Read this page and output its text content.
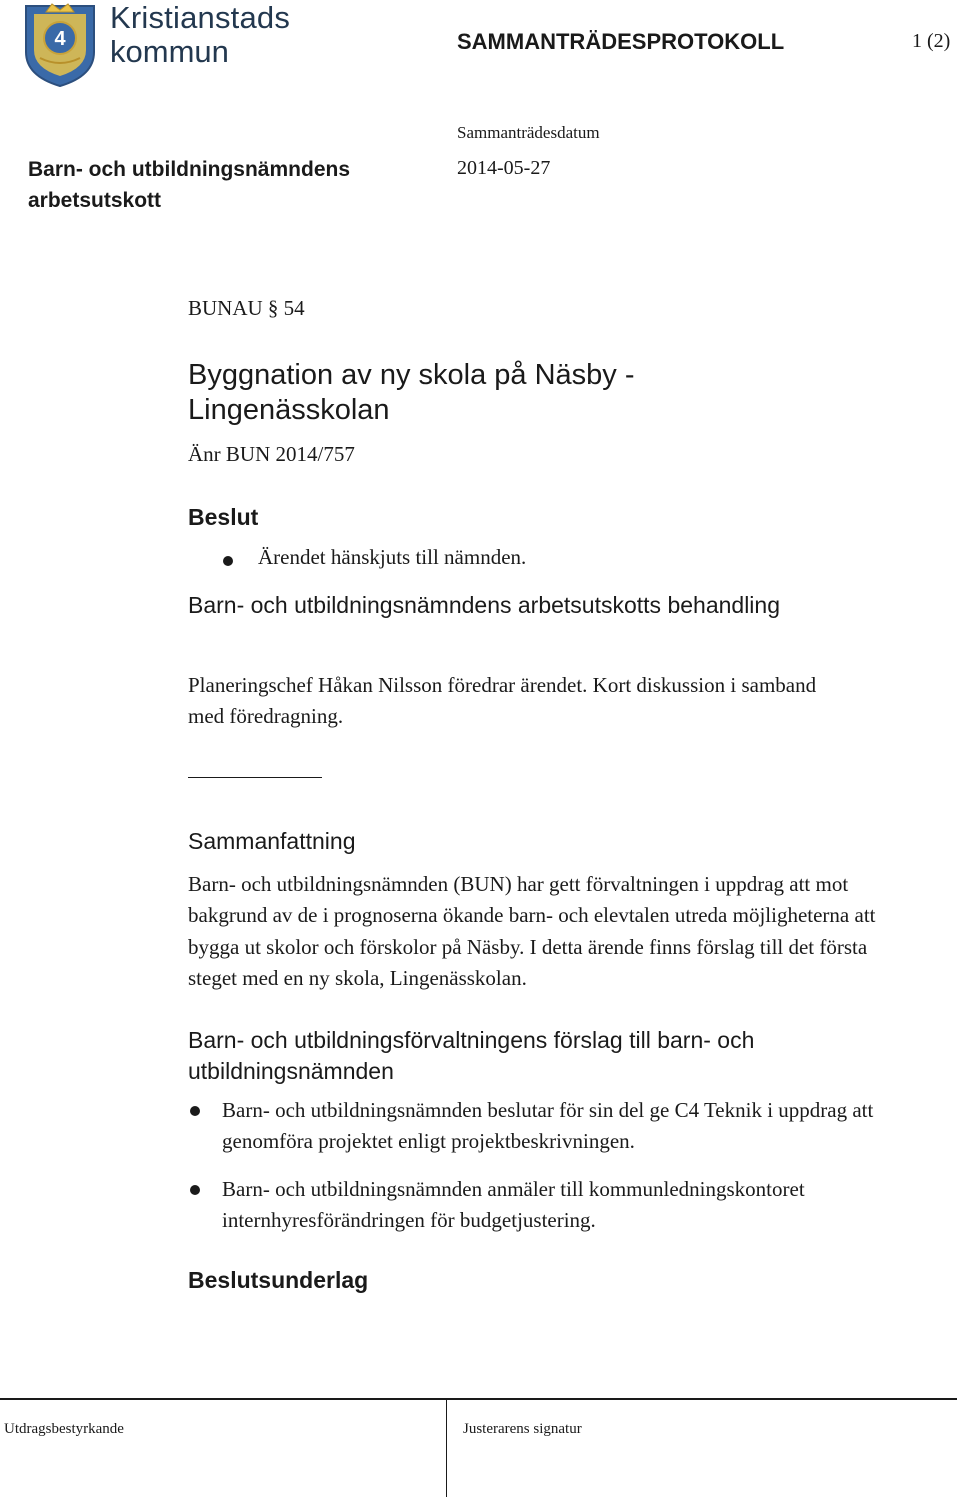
4
Kristianstads
kommun	SAMMANTRÄDESPROTOKOLL	1 (2)
Sammanträdesdatum
2014-05-27
Barn- och utbildningsnämndens arbetsutskott
BUNAU § 54
Byggnation av ny skola på Näsby - Lingenässkolan
Änr BUN 2014/757
Beslut
Ärendet hänskjuts till nämnden.
Barn- och utbildningsnämndens arbetsutskotts behandling
Planeringschef Håkan Nilsson föredrar ärendet. Kort diskussion i samband med föredragning.
Sammanfattning
Barn- och utbildningsnämnden (BUN) har gett förvaltningen i uppdrag att mot bakgrund av de i prognoserna ökande barn- och elevtalen utreda möjligheterna att bygga ut skolor och förskolor på Näsby. I detta ärende finns förslag till det första steget med en ny skola, Lingenässkolan.
Barn- och utbildningsförvaltningens förslag till barn- och utbildningsnämnden
Barn- och utbildningsnämnden beslutar för sin del ge C4 Teknik i uppdrag att genomföra projektet enligt projektbeskrivningen.
Barn- och utbildningsnämnden anmäler till kommunledningskontoret internhyresförändringen för budgetjustering.
Beslutsunderlag
Utdragsbestyrkande	Justerarens signatur
